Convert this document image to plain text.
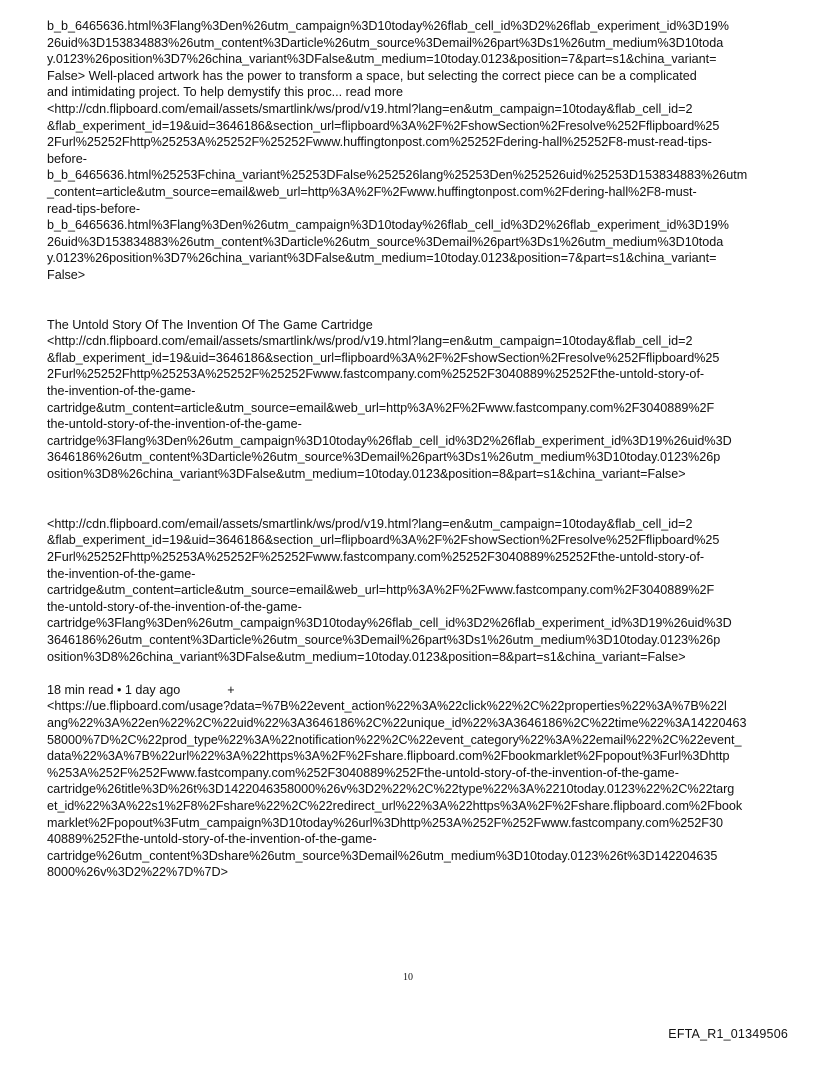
b_b_6465636.html%3Flang%3Den%26utm_campaign%3D10today%26flab_cell_id%3D2%26flab_experiment_id%3D19%
26uid%3D153834883%26utm_content%3Darticle%26utm_source%3Demail%26part%3Ds1%26utm_medium%3D10toda
y.0123%26position%3D7%26china_variant%3DFalse&utm_medium=10today.0123&position=7&part=s1&china_variant=
False> Well-placed artwork has the power to transform a space, but selecting the correct piece can be a complicated
and intimidating project. To help demystify this proc... read more
<http://cdn.flipboard.com/email/assets/smartlink/ws/prod/v19.html?lang=en&utm_campaign=10today&flab_cell_id=2
&flab_experiment_id=19&uid=3646186&section_url=flipboard%3A%2F%2FshowSection%2Fresolve%252Fflipboard%25
2Furl%25252Fhttp%25253A%25252F%25252Fwww.huffingtonpost.com%25252Fdering-hall%25252F8-must-read-tips-
before-
b_b_6465636.html%25253Fchina_variant%25253DFalse%252526lang%25253Den%252526uid%25253D153834883%26utm
_content=article&utm_source=email&web_url=http%3A%2F%2Fwww.huffingtonpost.com%2Fdering-hall%2F8-must-
read-tips-before-
b_b_6465636.html%3Flang%3Den%26utm_campaign%3D10today%26flab_cell_id%3D2%26flab_experiment_id%3D19%
26uid%3D153834883%26utm_content%3Darticle%26utm_source%3Demail%26part%3Ds1%26utm_medium%3D10toda
y.0123%26position%3D7%26china_variant%3DFalse&utm_medium=10today.0123&position=7&part=s1&china_variant=
False>
The Untold Story Of The Invention Of The Game Cartridge
<http://cdn.flipboard.com/email/assets/smartlink/ws/prod/v19.html?lang=en&utm_campaign=10today&flab_cell_id=2
&flab_experiment_id=19&uid=3646186&section_url=flipboard%3A%2F%2FshowSection%2Fresolve%252Fflipboard%25
2Furl%25252Fhttp%25253A%25252F%25252Fwww.fastcompany.com%25252F3040889%25252Fthe-untold-story-of-
the-invention-of-the-game-
cartridge&utm_content=article&utm_source=email&web_url=http%3A%2F%2Fwww.fastcompany.com%2F3040889%2F
the-untold-story-of-the-invention-of-the-game-
cartridge%3Flang%3Den%26utm_campaign%3D10today%26flab_cell_id%3D2%26flab_experiment_id%3D19%26uid%3D
3646186%26utm_content%3Darticle%26utm_source%3Demail%26part%3Ds1%26utm_medium%3D10today.0123%26p
osition%3D8%26china_variant%3DFalse&utm_medium=10today.0123&position=8&part=s1&china_variant=False>
<http://cdn.flipboard.com/email/assets/smartlink/ws/prod/v19.html?lang=en&utm_campaign=10today&flab_cell_id=2
&flab_experiment_id=19&uid=3646186&section_url=flipboard%3A%2F%2FshowSection%2Fresolve%252Fflipboard%25
2Furl%25252Fhttp%25253A%25252F%25252Fwww.fastcompany.com%25252F3040889%25252Fthe-untold-story-of-
the-invention-of-the-game-
cartridge&utm_content=article&utm_source=email&web_url=http%3A%2F%2Fwww.fastcompany.com%2F3040889%2F
the-untold-story-of-the-invention-of-the-game-
cartridge%3Flang%3Den%26utm_campaign%3D10today%26flab_cell_id%3D2%26flab_experiment_id%3D19%26uid%3D
3646186%26utm_content%3Darticle%26utm_source%3Demail%26part%3Ds1%26utm_medium%3D10today.0123%26p
osition%3D8%26china_variant%3DFalse&utm_medium=10today.0123&position=8&part=s1&china_variant=False>
18 min read • 1 day ago	+
<https://ue.flipboard.com/usage?data=%7B%22event_action%22%3A%22click%22%2C%22properties%22%3A%7B%22l
ang%22%3A%22en%22%2C%22uid%22%3A3646186%2C%22unique_id%22%3A3646186%2C%22time%22%3A14220463
58000%7D%2C%22prod_type%22%3A%22notification%22%2C%22event_category%22%3A%22email%22%2C%22event_
data%22%3A%7B%22url%22%3A%22https%3A%2F%2Fshare.flipboard.com%2Fbookmarklet%2Fpopout%3Furl%3Dhttp
%253A%252F%252Fwww.fastcompany.com%252F3040889%252Fthe-untold-story-of-the-invention-of-the-game-
cartridge%26title%3D%26t%3D1422046358000%26v%3D2%22%2C%22type%22%3A%2210today.0123%22%2C%22targ
et_id%22%3A%22s1%2F8%2Fshare%22%2C%22redirect_url%22%3A%22https%3A%2F%2Fshare.flipboard.com%2Fbook
marklet%2Fpopout%3Futm_campaign%3D10today%26url%3Dhttp%253A%252F%252Fwww.fastcompany.com%252F30
40889%252Fthe-untold-story-of-the-invention-of-the-game-
cartridge%26utm_content%3Dshare%26utm_source%3Demail%26utm_medium%3D10today.0123%26t%3D142204635
8000%26v%3D2%22%7D%7D>
10
EFTA_R1_01349506
